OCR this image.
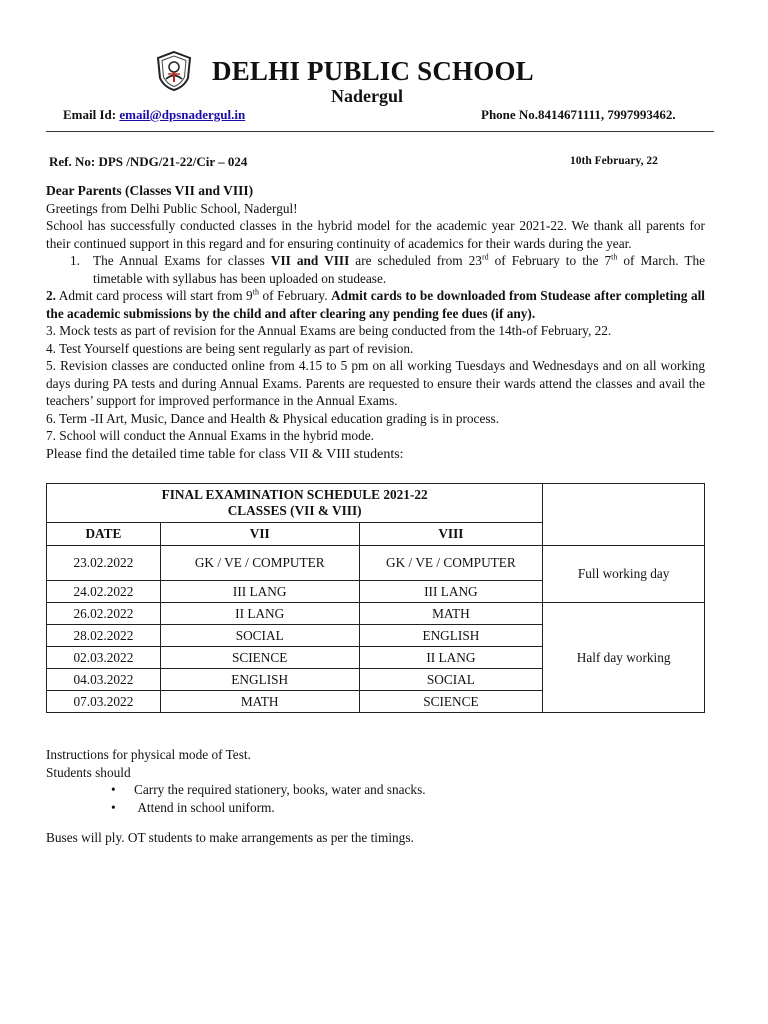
DELHI PUBLIC SCHOOL
Nadergul
Email Id: email@dpsnadergul.in	Phone No.8414671111, 7997993462.
Ref. No: DPS /NDG/21-22/Cir – 024	10th February, 22

Dear Parents (Classes VII and VIII)

Greetings from Delhi Public School, Nadergul!

School has successfully conducted classes in the hybrid model for the academic year 2021-22. We thank all parents for their continued support in this regard and for ensuring continuity of academics for their wards during the year.

1. The Annual Exams for classes VII and VIII are scheduled from 23rd of February to the 7th of March. The timetable with syllabus has been uploaded on studease.

2. Admit card process will start from 9th of February. Admit cards to be downloaded from Studease after completing all the academic submissions by the child and after clearing any pending fee dues (if any).

3. Mock tests as part of revision for the Annual Exams are being conducted from the 14th-of February, 22.

4. Test Yourself questions are being sent regularly as part of revision.

5. Revision classes are conducted online from 4.15 to 5 pm on all working Tuesdays and Wednesdays and on all working days during PA tests and during Annual Exams. Parents are requested to ensure their wards attend the classes and avail the teachers’ support for improved performance in the Annual Exams.

6. Term -II Art, Music, Dance and Health & Physical education grading is in process.

7. School will conduct the Annual Exams in the hybrid mode.

Please find the detailed time table for class VII & VIII students:

FINAL EXAMINATION SCHEDULE 2021-22
CLASSES (VII & VIII)			

DATE	VII	VIII	
23.02.2022	GK / VE / COMPUTER	GK / VE / COMPUTER	Full working day
24.02.2022	III LANG	III LANG	
26.02.2022	II LANG	MATH	Half day working
28.02.2022	SOCIAL	ENGLISH	
02.03.2022	SCIENCE	II LANG	
04.03.2022	ENGLISH	SOCIAL	
07.03.2022	MATH	SCIENCE	

Instructions for physical mode of Test.

Students should

• Carry the required stationery, books, water and snacks.
• Attend in school uniform.
Buses will ply. OT students to make arrangements as per the timings.
